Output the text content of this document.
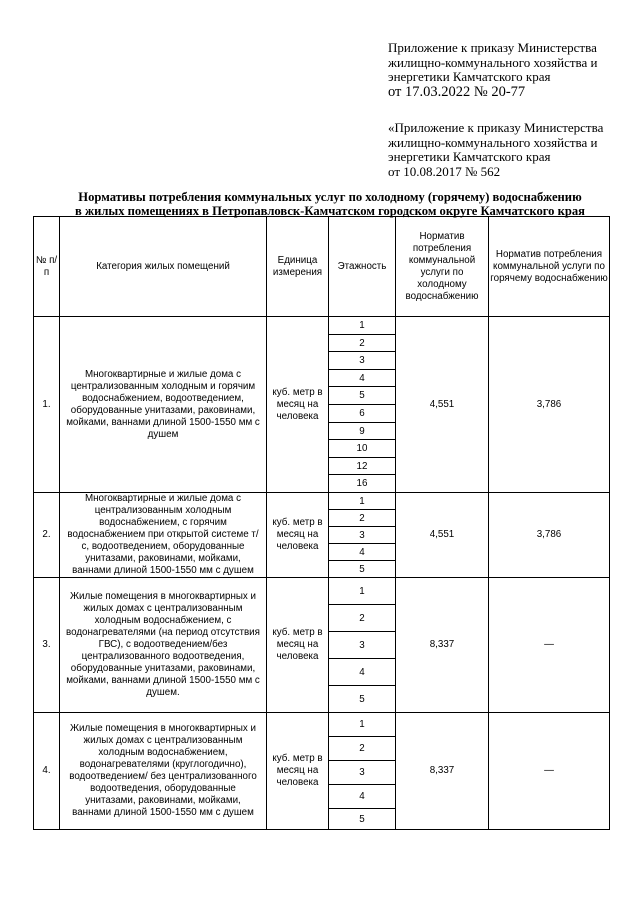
Приложение к приказу Министерства
жилищно-коммунального хозяйства и
энергетики Камчатского края
от 17.03.2022 № 20-77
«Приложение к приказу Министерства
жилищно-коммунального хозяйства и
энергетики Камчатского края
от 10.08.2017 № 562
Нормативы потребления коммунальных услуг по холодному (горячему) водоснабжению
в жилых помещениях в Петропавловск-Камчатском городском округе Камчатского края
№ п/п	Категория жилых помещений	Единица измерения	Этажность	Норматив потребления коммунальной услуги по холодному водоснабжению	Норматив потребления коммунальной услуги по горячему водоснабжению
1.	Многоквартирные и жилые дома с централизованным холодным и горячим водоснабжением, водоотведением, оборудованные унитазами, раковинами, мойками, ваннами длиной 1500-1550 мм с душем	куб. метр в месяц на человека	1	4,551	3,786
			2		
			3		
			4		
			5		
			6		
			9		
			10		
			12		
			16		
2.	Многоквартирные и жилые дома с централизованным холодным водоснабжением, с горячим водоснабжением при открытой системе т/с, водоотведением, оборудованные унитазами, раковинами, мойками, ваннами длиной 1500-1550 мм с душем	куб. метр в месяц на человека	1	4,551	3,786
			2		
			3		
			4		
			5		
3.	Жилые помещения в многоквартирных и жилых домах с централизованным холодным водоснабжением, с водонагревателями (на период отсутствия ГВС), с водоотведением/без централизованного водоотведения, оборудованные унитазами, раковинами, мойками, ваннами длиной 1500-1550 мм с душем.	куб. метр в месяц на человека	1	8,337	—
			2		
			3		
			4		
			5		
4.	Жилые помещения в многоквартирных и жилых домах с централизованным холодным водоснабжением, водонагревателями (круглогодично), водоотведением/ без централизованного водоотведения, оборудованные унитазами, раковинами, мойками, ваннами длиной 1500-1550 мм с душем	куб. метр в месяц на человека	1	8,337	—
			2		
			3		
			4		
			5		
